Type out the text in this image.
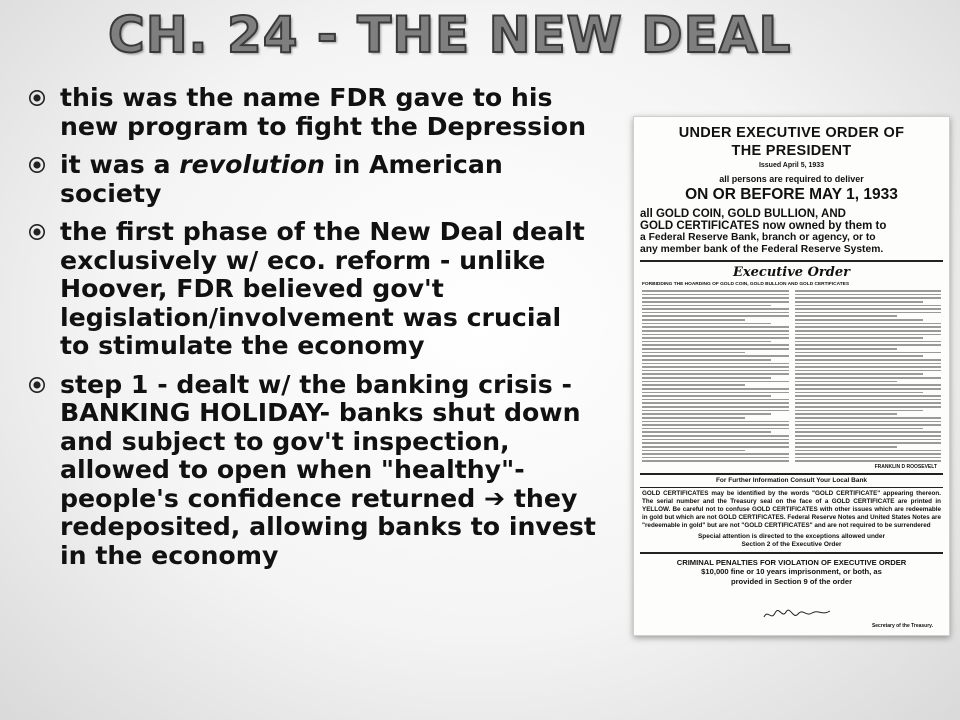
CH. 24 - THE NEW DEAL
this was the name FDR gave to his new program to fight the Depression
it was a revolution in American society
the first phase of the New Deal dealt exclusively w/ eco. reform - unlike Hoover, FDR believed gov't legislation/involvement was crucial to stimulate the economy
step 1 - dealt w/ the banking crisis - BANKING HOLIDAY- banks shut down and subject to gov't inspection, allowed to open when "healthy"- people's confidence returned ➔ they redeposited, allowing banks to invest in the economy
UNDER EXECUTIVE ORDER OF
THE PRESIDENT
Issued April 5, 1933
all persons are required to deliver
ON OR BEFORE MAY 1, 1933
all GOLD COIN, GOLD BULLION, AND
GOLD CERTIFICATES now owned by them to
a Federal Reserve Bank, branch or agency, or to
any member bank of the Federal Reserve System.
Executive Order
FORBIDDING THE HOARDING OF GOLD COIN, GOLD BULLION AND GOLD CERTIFICATES
FRANKLIN D ROOSEVELT
For Further Information Consult Your Local Bank
GOLD CERTIFICATES may be identified by the words "GOLD CERTIFICATE" appearing thereon. The serial number and the Treasury seal on the face of a GOLD CERTIFICATE are printed in YELLOW. Be careful not to confuse GOLD CERTIFICATES with other issues which are redeemable in gold but which are not GOLD CERTIFICATES. Federal Reserve Notes and United States Notes are "redeemable in gold" but are not "GOLD CERTIFICATES" and are not required to be surrendered
Special attention is directed to the exceptions allowed under
Section 2 of the Executive Order
CRIMINAL PENALTIES FOR VIOLATION OF EXECUTIVE ORDER
$10,000 fine or 10 years imprisonment, or both, as
provided in Section 9 of the order
Secretary of the Treasury.
